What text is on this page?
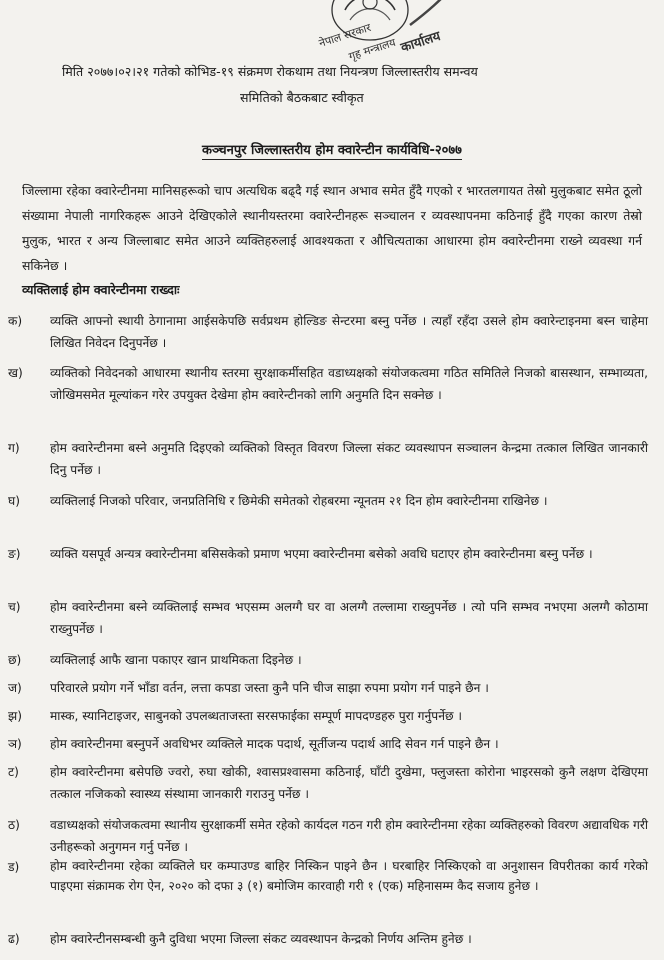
नेपाल सरकार
गृह मन्त्रालय कार्यालय
मिति २०७७।०२।२१ गतेको कोभिड-१९ संक्रमण रोकथाम तथा नियन्त्रण जिल्लास्तरीय समन्वय
समितिको बैठकबाट स्वीकृत
कञ्चनपुर जिल्लास्तरीय होम क्वारेन्टीन कार्यविधि-२०७७
जिल्लामा रहेका क्वारेन्टीनमा मानिसहरूको चाप अत्यधिक बढ्दै गई स्थान अभाव समेत हुँदै गएको र भारतलगायत तेस्रो मुलुकबाट समेत ठूलो संख्यामा नेपाली नागरिकहरू आउने देखिएकोले स्थानीयस्तरमा क्वारेन्टीनहरू सञ्चालन र व्यवस्थापनमा कठिनाई हुँदै गएका कारण तेस्रो मुलुक, भारत र अन्य जिल्लाबाट समेत आउने व्यक्तिहरुलाई आवश्यकता र औचित्यताका आधारमा होम क्वारेन्टीनमा राख्ने व्यवस्था गर्न सकिनेछ ।
व्यक्तिलाई होम क्वारेन्टीनमा राख्दाः
क)	व्यक्ति आफ्नो स्थायी ठेगानामा आईसकेपछि सर्वप्रथम होल्डिङ सेन्टरमा बस्नु पर्नेछ । त्यहाँ रहँदा उसले होम क्वारेन्टाइनमा बस्न चाहेमा लिखित निवेदन दिनुपर्नेछ ।
ख)	व्यक्तिको निवेदनको आधारमा स्थानीय स्तरमा सुरक्षाकर्मीसहित वडाध्यक्षको संयोजकत्वमा गठित समितिले निजको बासस्थान, सम्भाव्यता, जोखिमसमेत मूल्यांकन गरेर उपयुक्त देखेमा होम क्वारेन्टीनको लागि अनुमति दिन सक्नेछ ।
ग)	होम क्वारेन्टीनमा बस्ने अनुमति दिइएको व्यक्तिको विस्तृत विवरण जिल्ला संकट व्यवस्थापन सञ्चालन केन्द्रमा तत्काल लिखित जानकारी दिनु पर्नेछ ।
घ)	व्यक्तिलाई निजको परिवार, जनप्रतिनिधि र छिमेकी समेतको रोहबरमा न्यूनतम २१ दिन होम क्वारेन्टीनमा राखिनेछ ।
ङ)	व्यक्ति यसपूर्व अन्यत्र क्वारेन्टीनमा बसिसकेको प्रमाण भएमा क्वारेन्टीनमा बसेको अवधि घटाएर होम क्वारेन्टीनमा बस्नु पर्नेछ ।
च)	होम क्वारेन्टीनमा बस्ने व्यक्तिलाई सम्भव भएसम्म अलग्गै घर वा अलग्गै तल्लामा राख्नुपर्नेछ । त्यो पनि सम्भव नभएमा अलग्गै कोठामा राख्नुपर्नेछ ।
छ)	व्यक्तिलाई आफै खाना पकाएर खान प्राथमिकता दिइनेछ ।
ज)	परिवारले प्रयोग गर्ने भाँडा वर्तन, लत्ता कपडा जस्ता कुनै पनि चीज साझा रुपमा प्रयोग गर्न पाइने छैन ।
झ)	मास्क, स्यानिटाइजर, साबुनको उपलब्धताजस्ता सरसफाईका सम्पूर्ण मापदण्डहरु पुरा गर्नुपर्नेछ ।
ञ)	होम क्वारेन्टीनमा बस्नुपर्ने अवधिभर व्यक्तिले मादक पदार्थ, सूर्तीजन्य पदार्थ आदि सेवन गर्न पाइने छैन ।
ट)	होम क्वारेन्टीनमा बसेपछि ज्वरो, रुघा खोकी, श्वासप्रश्वासमा कठिनाई, घाँटी दुखेमा, फ्लुजस्ता कोरोना भाइरसको कुनै लक्षण देखिएमा तत्काल नजिकको स्वास्थ्य संस्थामा जानकारी गराउनु पर्नेछ ।
ठ)	वडाध्यक्षको संयोजकत्वमा स्थानीय सुरक्षाकर्मी समेत रहेको कार्यदल गठन गरी होम क्वारेन्टीनमा रहेका व्यक्तिहरुको विवरण अद्यावधिक गरी उनीहरूको अनुगमन गर्नु पर्नेछ ।
ड)	होम क्वारेन्टीनमा रहेका व्यक्तिले घर कम्पाउण्ड बाहिर निस्किन पाइने छैन । घरबाहिर निस्किएको वा अनुशासन विपरीतका कार्य गरेको पाइएमा संक्रामक रोग ऐन, २०२० को दफा ३ (१) बमोजिम कारवाही गरी १ (एक) महिनासम्म कैद सजाय हुनेछ ।
ढ)	होम क्वारेन्टीनसम्बन्धी कुनै दुविधा भएमा जिल्ला संकट व्यवस्थापन केन्द्रको निर्णय अन्तिम हुनेछ ।
